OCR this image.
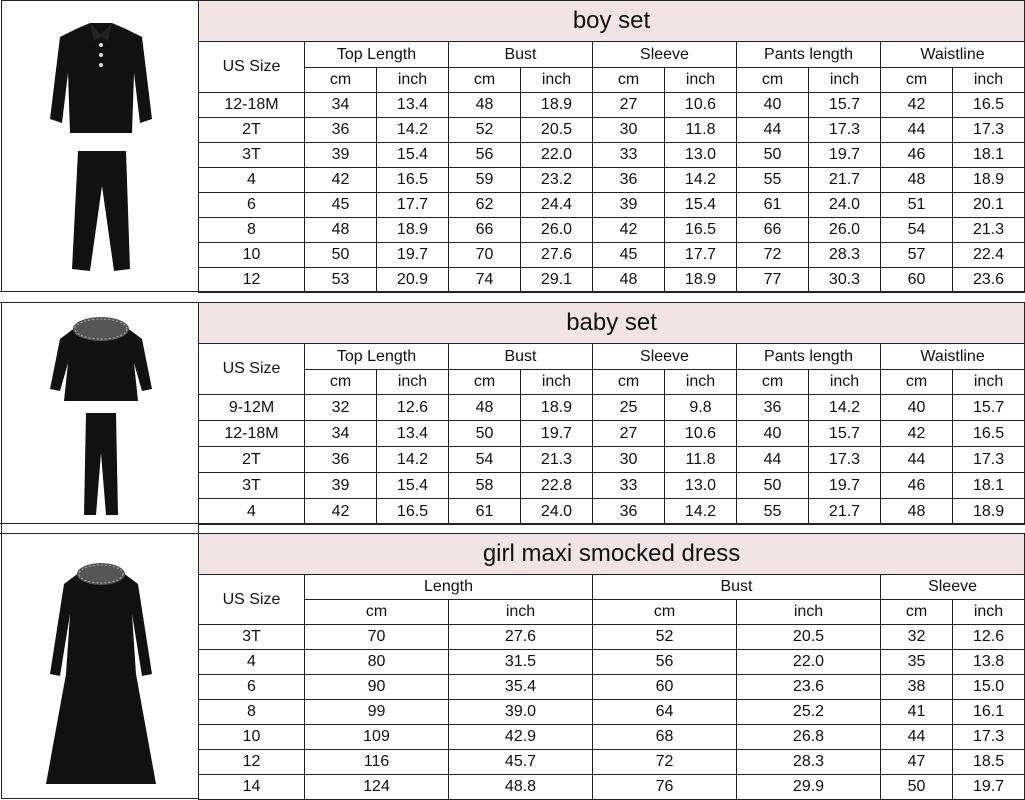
boy set										
US Size	Top Length		Bust		Sleeve		Pants length		Waistline	
	cm	inch	cm	inch	cm	inch	cm	inch	cm	inch
12-18M	34	13.4	48	18.9	27	10.6	40	15.7	42	16.5
2T	36	14.2	52	20.5	30	11.8	44	17.3	44	17.3
3T	39	15.4	56	22.0	33	13.0	50	19.7	46	18.1
4	42	16.5	59	23.2	36	14.2	55	21.7	48	18.9
6	45	17.7	62	24.4	39	15.4	61	24.0	51	20.1
8	48	18.9	66	26.0	42	16.5	66	26.0	54	21.3
10	50	19.7	70	27.6	45	17.7	72	28.3	57	22.4
12	53	20.9	74	29.1	48	18.9	77	30.3	60	23.6
baby set										
US Size	Top Length		Bust		Sleeve		Pants length		Waistline	
	cm	inch	cm	inch	cm	inch	cm	inch	cm	inch
9-12M	32	12.6	48	18.9	25	9.8	36	14.2	40	15.7
12-18M	34	13.4	50	19.7	27	10.6	40	15.7	42	16.5
2T	36	14.2	54	21.3	30	11.8	44	17.3	44	17.3
3T	39	15.4	58	22.8	33	13.0	50	19.7	46	18.1
4	42	16.5	61	24.0	36	14.2	55	21.7	48	18.9
girl maxi smocked dress						
US Size	Length		Bust		Sleeve	
	cm	inch	cm	inch	cm	inch
3T	70	27.6	52	20.5	32	12.6
4	80	31.5	56	22.0	35	13.8
6	90	35.4	60	23.6	38	15.0
8	99	39.0	64	25.2	41	16.1
10	109	42.9	68	26.8	44	17.3
12	116	45.7	72	28.3	47	18.5
14	124	48.8	76	29.9	50	19.7
